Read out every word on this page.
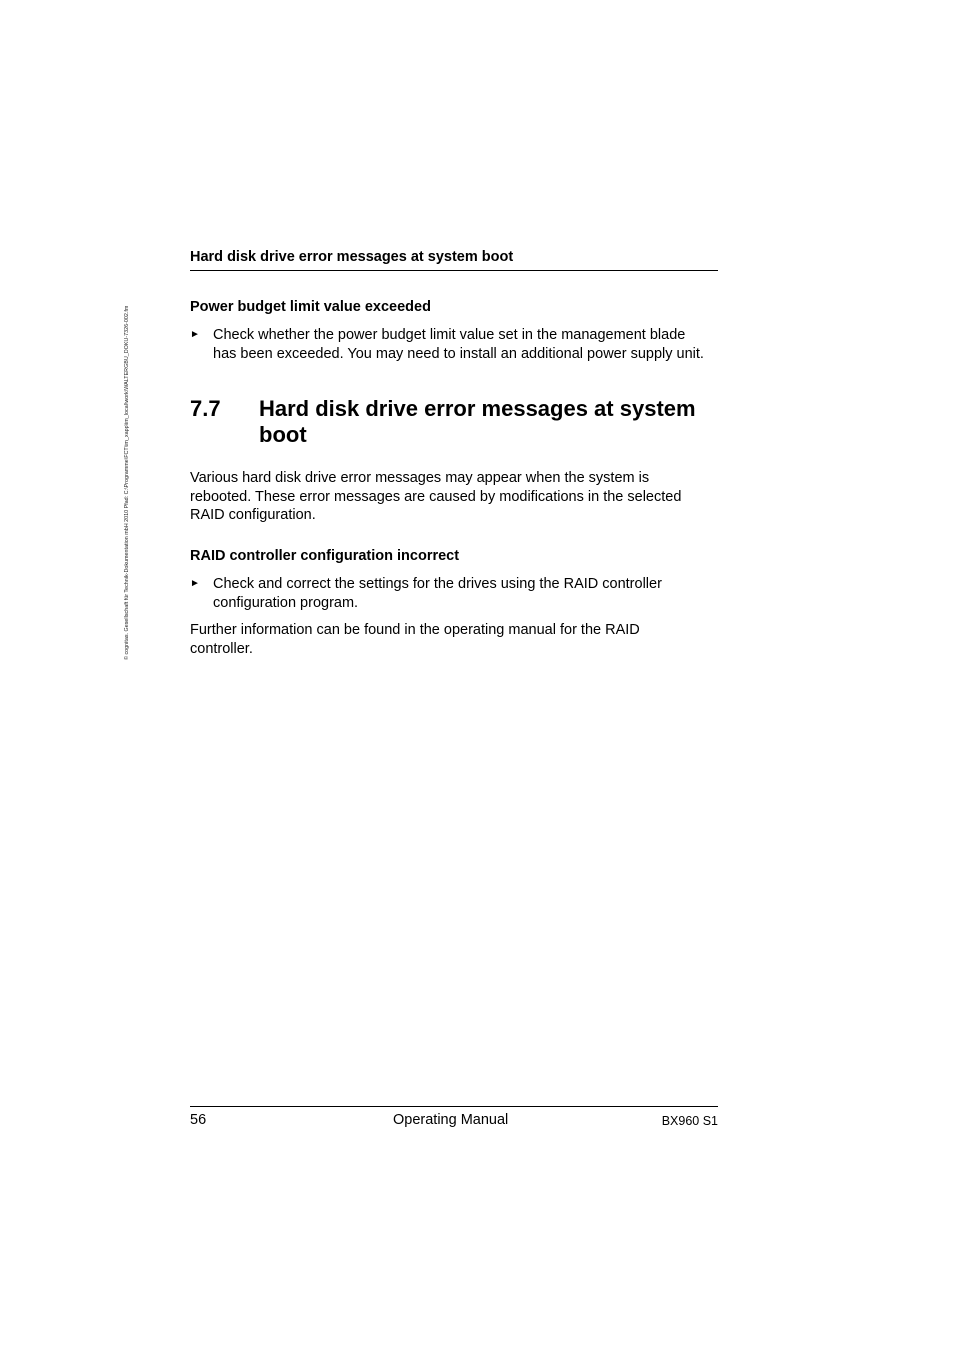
© cognitas. Gesellschaft für Technik-Dokumentation mbH 2010 Pfad: C:\Programme\FCT\im_xapp\im_local\work\WALTERGBU_DOKU-7326-002.fm
Hard disk drive error messages at system boot
Power budget limit value exceeded
► Check whether the power budget limit value set in the management blade
has been exceeded. You may need to install an additional power supply unit.
7.7 Hard disk drive error messages at system boot
Various hard disk drive error messages may appear when the system is
rebooted. These error messages are caused by modifications in the selected
RAID configuration.
RAID controller configuration incorrect
► Check and correct the settings for the drives using the RAID controller
configuration program.
Further information can be found in the operating manual for the RAID
controller.
56	Operating Manual	BX960 S1
